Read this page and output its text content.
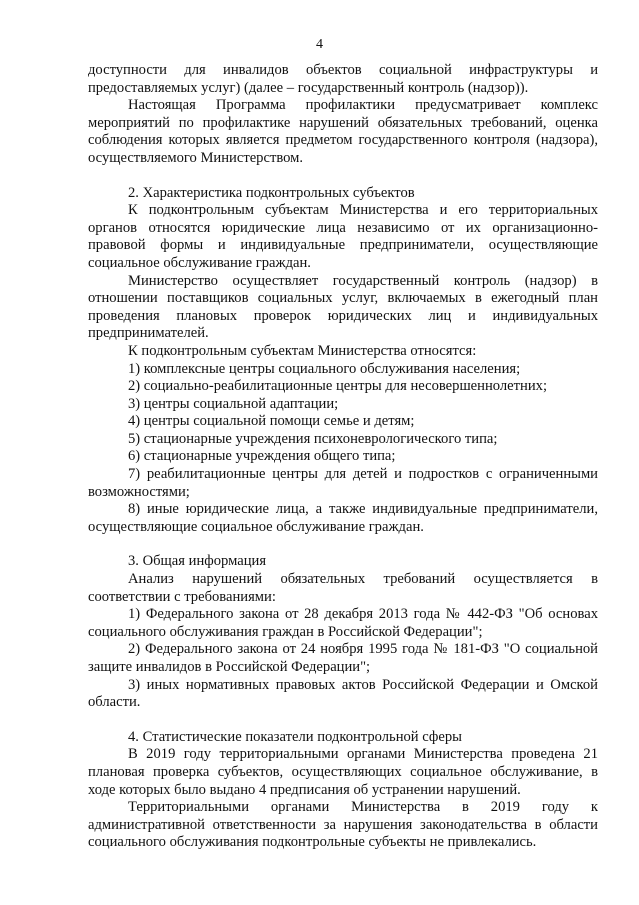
4

доступности для инвалидов объектов социальной инфраструктуры и предоставляемых услуг) (далее – государственный контроль (надзор)).

Настоящая Программа профилактики предусматривает комплекс мероприятий по профилактике нарушений обязательных требований, оценка соблюдения которых является предметом государственного контроля (надзора), осуществляемого Министерством.

2. Характеристика подконтрольных субъектов

К подконтрольным субъектам Министерства и его территориальных органов относятся юридические лица независимо от их организационно-правовой формы и индивидуальные предприниматели, осуществляющие социальное обслуживание граждан.

Министерство осуществляет государственный контроль (надзор) в отношении поставщиков социальных услуг, включаемых в ежегодный план проведения плановых проверок юридических лиц и индивидуальных предпринимателей.

К подконтрольным субъектам Министерства относятся:

1) комплексные центры социального обслуживания населения;

2) социально-реабилитационные центры для несовершеннолетних;

3) центры социальной адаптации;

4) центры социальной помощи семье и детям;

5) стационарные учреждения психоневрологического типа;

6) стационарные учреждения общего типа;

7) реабилитационные центры для детей и подростков с ограниченными возможностями;

8) иные юридические лица, а также индивидуальные предприниматели, осуществляющие социальное обслуживание граждан.

3. Общая информация

Анализ нарушений обязательных требований осуществляется в соответствии с требованиями:

1) Федерального закона от 28 декабря 2013 года № 442-ФЗ "Об основах социального обслуживания граждан в Российской Федерации";

2) Федерального закона от 24 ноября 1995 года № 181-ФЗ "О социальной защите инвалидов в Российской Федерации";

3) иных нормативных правовых актов Российской Федерации и Омской области.

4. Статистические показатели подконтрольной сферы

В 2019 году территориальными органами Министерства проведена 21 плановая проверка субъектов, осуществляющих социальное обслуживание, в ходе которых было выдано 4 предписания об устранении нарушений.

Территориальными органами Министерства в 2019 году к административной ответственности за нарушения законодательства в области социального обслуживания подконтрольные субъекты не привлекались.
